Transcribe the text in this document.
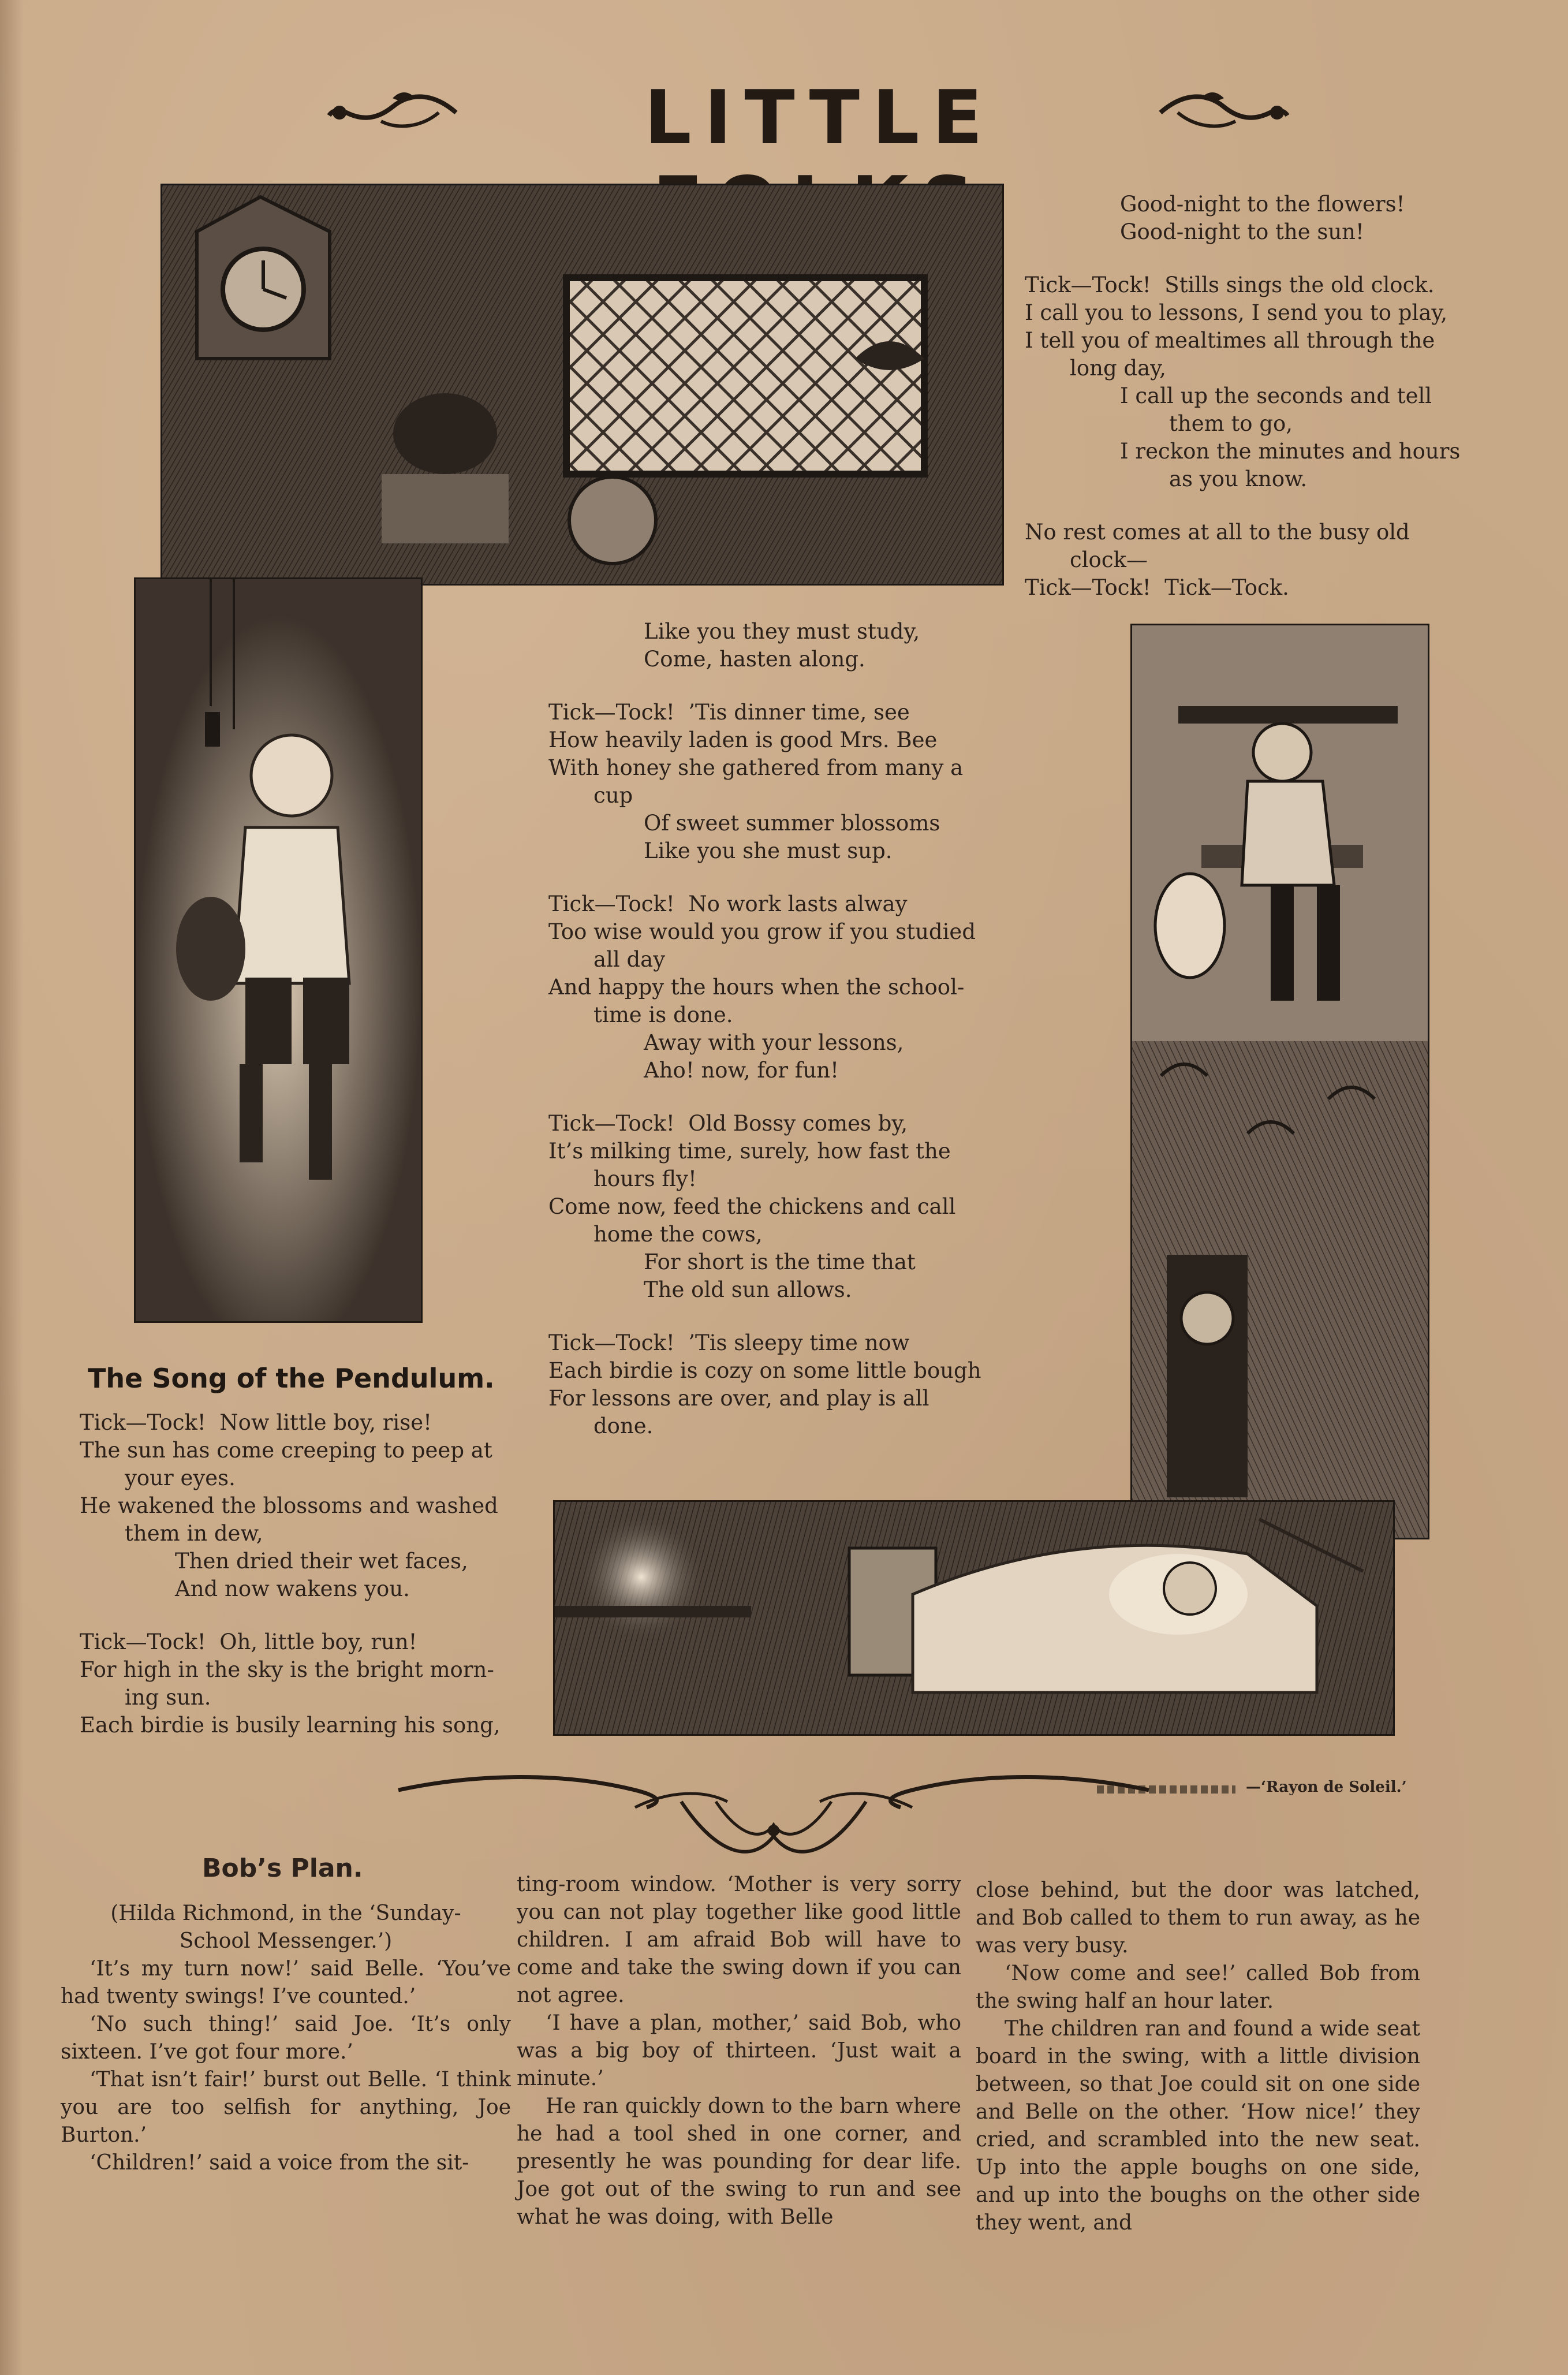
LITTLE
The Song of the Pendulum.
Tick—Tock!  Now little boy, rise!
The sun has come creeping to peep at
your eyes.
He wakened the blossoms and washed
them in dew,
Then dried their wet faces,
And now wakens you.
Tick—Tock!  Oh, little boy, run!
For high in the sky is the bright morn-
ing sun.
Each birdie is busily learning his song,
Like you they must study,
Come, hasten along.
Tick—Tock!  ’Tis dinner time, see
How heavily laden is good Mrs. Bee
With honey she gathered from many a
cup
Of sweet summer blossoms
Like you she must sup.
Tick—Tock!  No work lasts alway
Too wise would you grow if you studied
all day
And happy the hours when the school-
time is done.
Away with your lessons,
Aho! now, for fun!
Tick—Tock!  Old Bossy comes by,
It’s milking time, surely, how fast the
hours fly!
Come now, feed the chickens and call
home the cows,
For short is the time that
The old sun allows.
Tick—Tock!  ’Tis sleepy time now
Each birdie is cozy on some little bough
For lessons are over, and play is all
done.
Good-night to the flowers!
Good-night to the sun!
Tick—Tock!  Stills sings the old clock.
I call you to lessons, I send you to play,
I tell you of mealtimes all through the
long day,
I call up the seconds and tell
them to go,
I reckon the minutes and hours
as you know.
No rest comes at all to the busy old
clock—
Tick—Tock!  Tick—Tock.
—‘Rayon de Soleil.’
Bob’s Plan.

(Hilda Richmond, in the ‘Sunday-School Messenger.’)

‘It’s my turn now!’ said Belle. ‘You’ve had twenty swings! I’ve counted.’

‘No such thing!’ said Joe. ‘It’s only sixteen. I’ve got four more.’

‘That isn’t fair!’ burst out Belle. ‘I think you are too selfish for anything, Joe Burton.’

‘Children!’ said a voice from the sit-

ting-room window. ‘Mother is very sorry you can not play together like good little children. I am afraid Bob will have to come and take the swing down if you can not agree.

‘I have a plan, mother,’ said Bob, who was a big boy of thirteen. ‘Just wait a minute.’

He ran quickly down to the barn where he had a tool shed in one corner, and presently he was pounding for dear life. Joe got out of the swing to run and see what he was doing, with Belle

close behind, but the door was latched, and Bob called to them to run away, as he was very busy.

‘Now come and see!’ called Bob from the swing half an hour later.

The children ran and found a wide seat board in the swing, with a little division between, so that Joe could sit on one side and Belle on the other. ‘How nice!’ they cried, and scrambled into the new seat. Up into the apple boughs on one side, and up into the boughs on the other side they went, and
